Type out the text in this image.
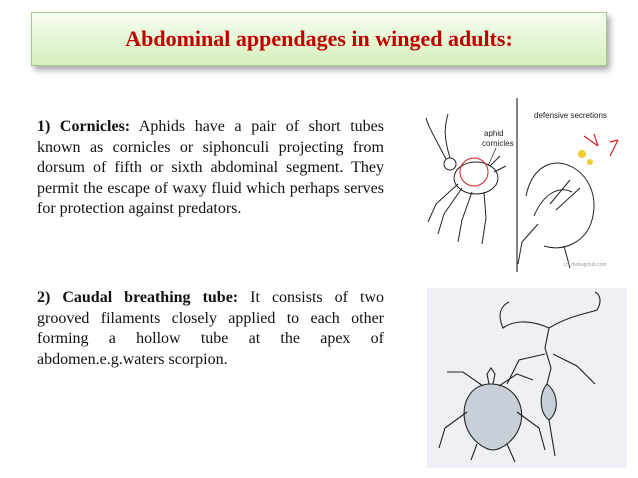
Abdominal appendages in winged adults:

1) Cornicles: Aphids have a pair of short tubes known as cornicles or siphonculi projecting from dorsum of fifth or sixth abdominal segment. They permit the escape of waxy fluid which perhaps serves for protection against predators.

2) Caudal breathing tube: It consists of two grooved filaments closely applied to each other forming a hollow tube at the apex of abdomen.e.g.waters scorpion.

aphid
cornicles
defensive secretions
(c) thebugclub.com
